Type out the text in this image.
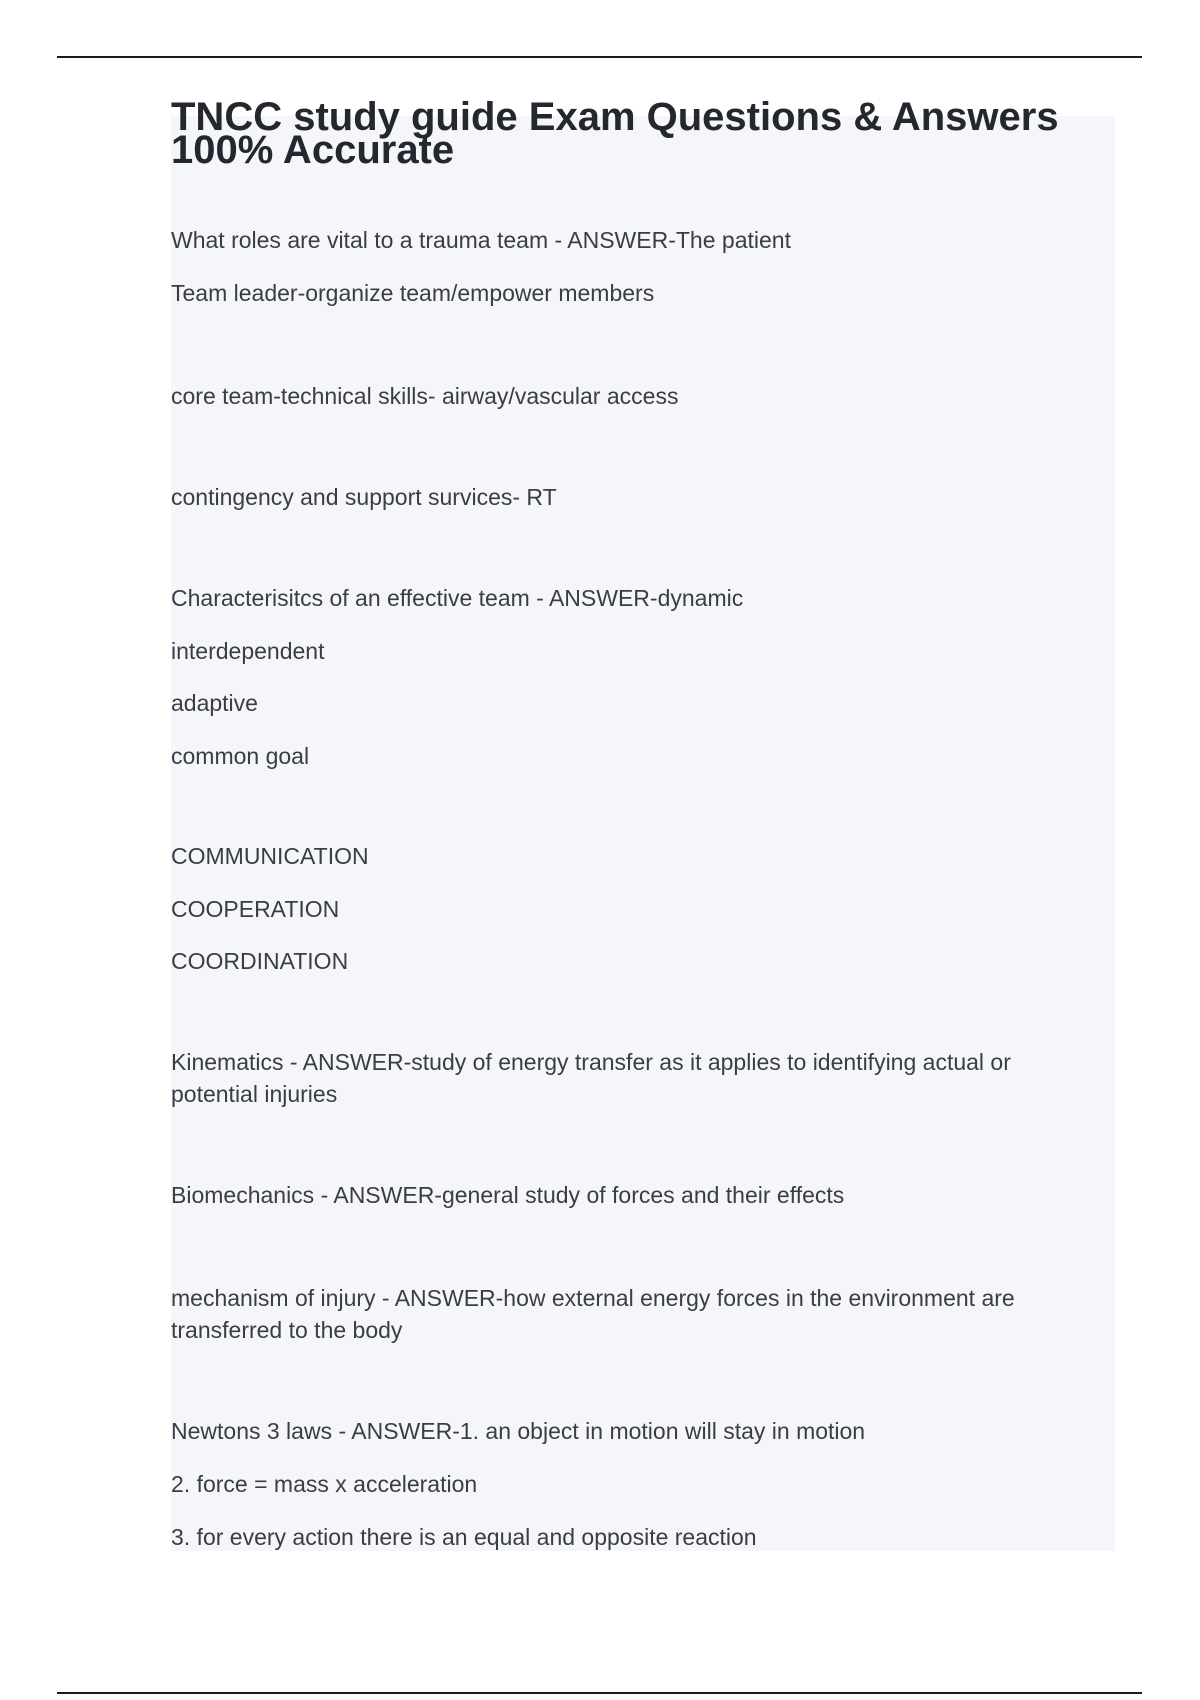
TNCC study guide Exam Questions & Answers 100% Accurate
What roles are vital to a trauma team - ANSWER-The patient
Team leader-organize team/empower members
core team-technical skills- airway/vascular access
contingency and support survices- RT
Characterisitcs of an effective team - ANSWER-dynamic
interdependent
adaptive
common goal
COMMUNICATION
COOPERATION
COORDINATION
Kinematics - ANSWER-study of energy transfer as it applies to identifying actual or potential injuries
Biomechanics - ANSWER-general study of forces and their effects
mechanism of injury - ANSWER-how external energy forces in the environment are transferred to the body
Newtons 3 laws - ANSWER-1. an object in motion will stay in motion
2. force = mass x acceleration
3. for every action there is an equal and opposite reaction
